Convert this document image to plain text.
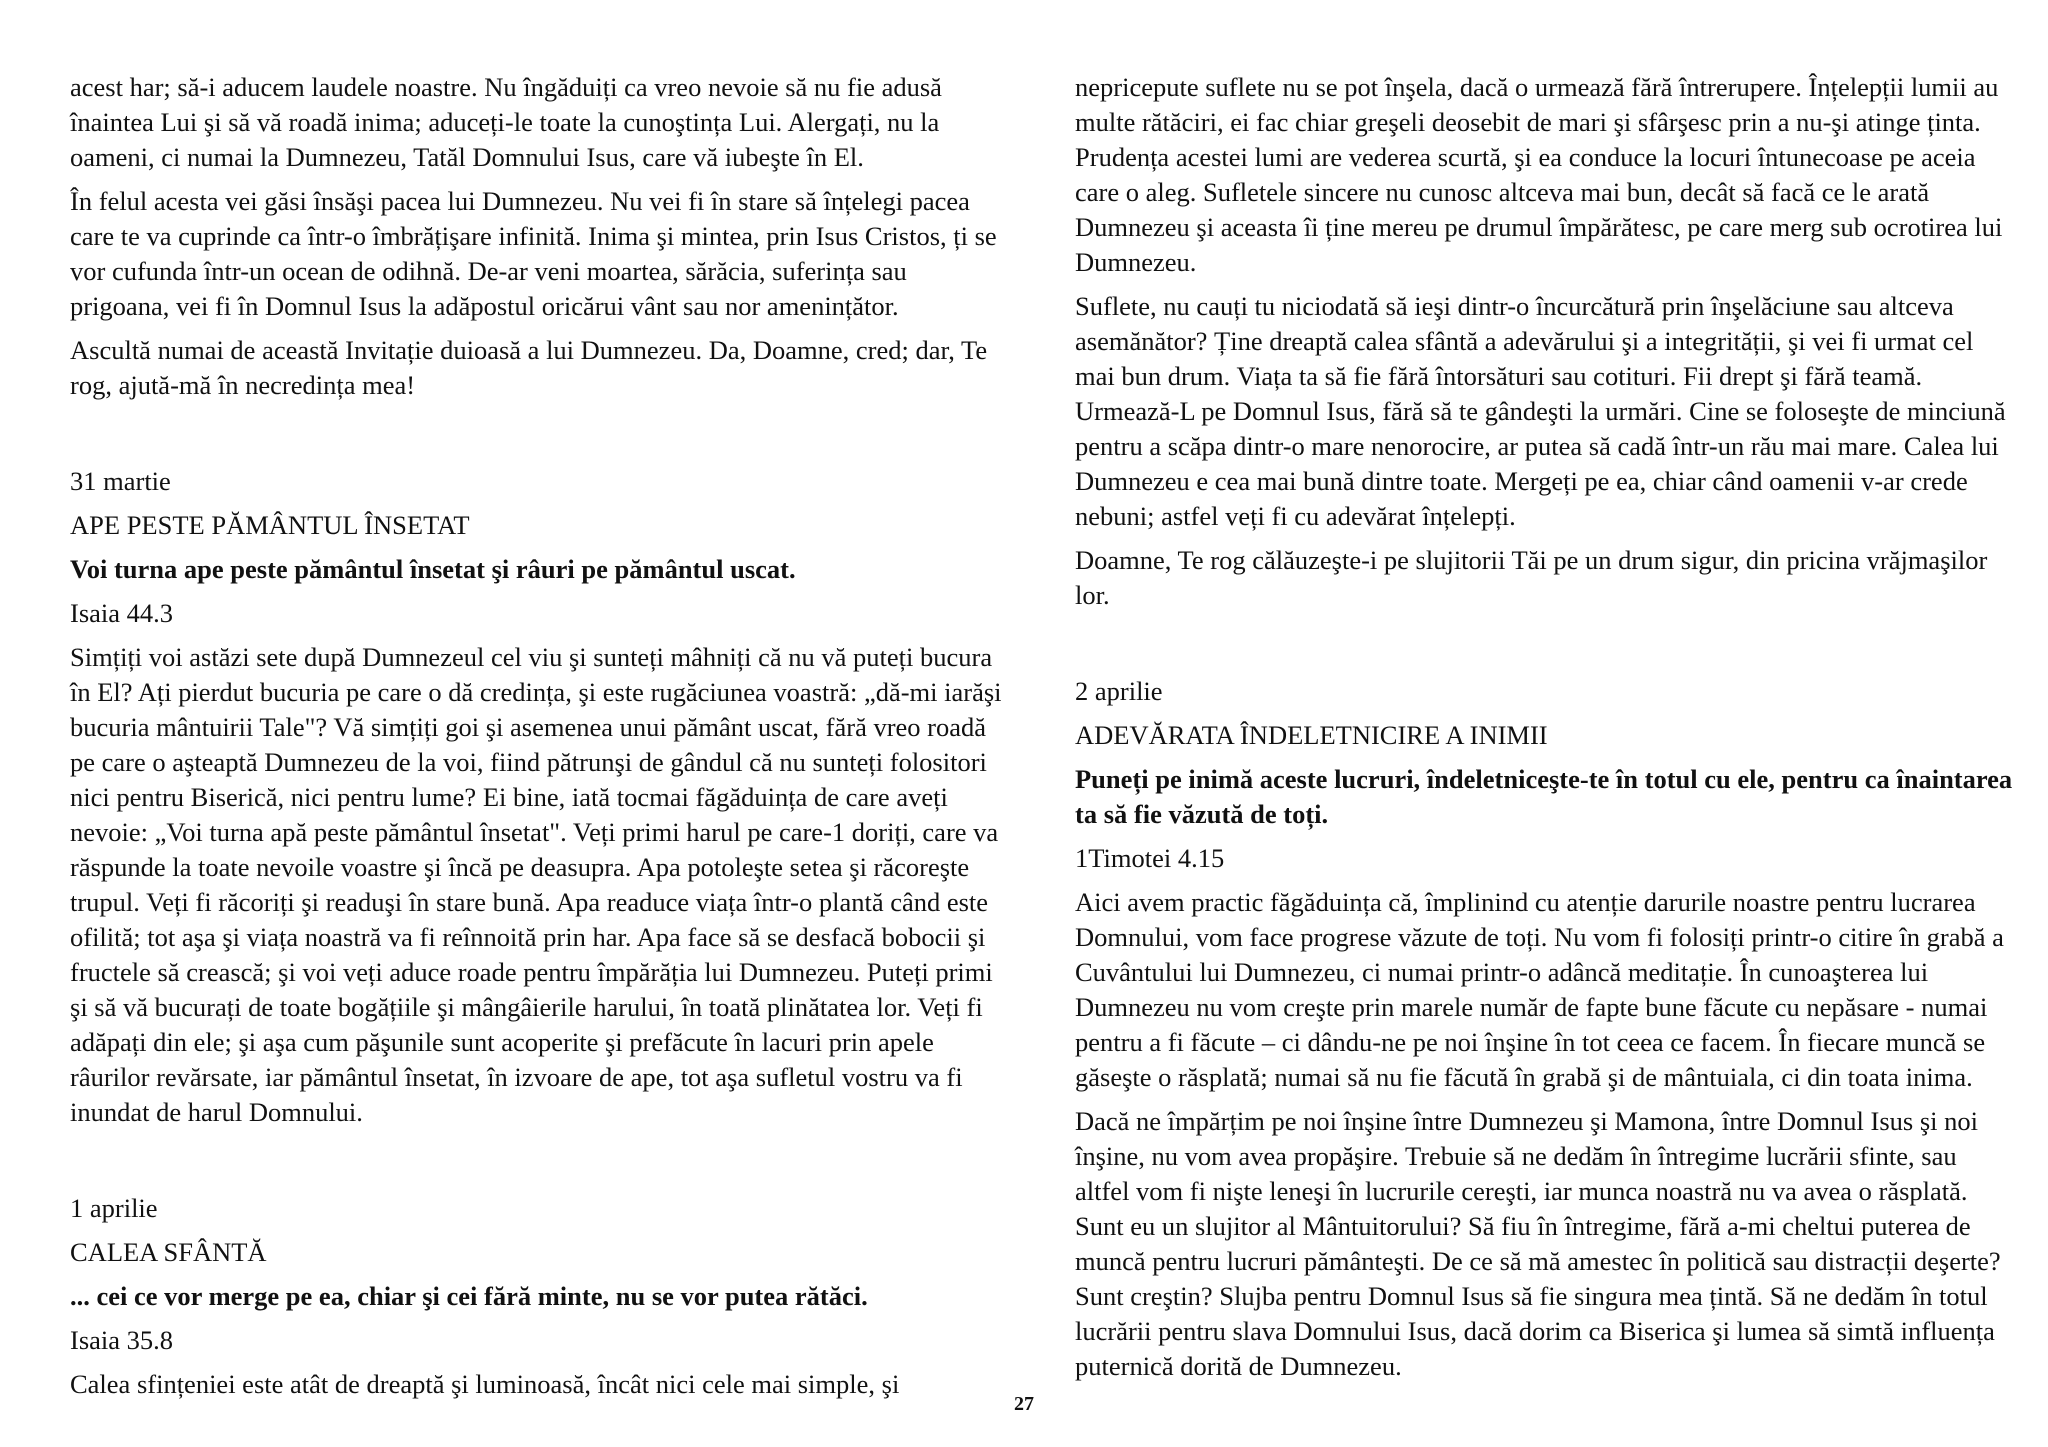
acest har; să-i aducem laudele noastre. Nu îngăduiți ca vreo nevoie să nu fie adusă înaintea Lui şi să vă roadă inima; aduceți-le toate la cunoştința Lui. Alergați, nu la oameni, ci numai la Dumnezeu, Tatăl Domnului Isus, care vă iubeşte în El.

În felul acesta vei găsi însăşi pacea lui Dumnezeu. Nu vei fi în stare să înțelegi pacea care te va cuprinde ca într-o îmbrățişare infinită. Inima şi mintea, prin Isus Cristos, ți se vor cufunda într-un ocean de odihnă. De-ar veni moartea, sărăcia, suferința sau prigoana, vei fi în Domnul Isus la adăpostul oricărui vânt sau nor amenințător.

Ascultă numai de această Invitație duioasă a lui Dumnezeu. Da, Doamne, cred; dar, Te rog, ajută-mă în necredința mea!

31 martie
APE PESTE PĂMÂNTUL ÎNSETAT
Voi turna ape peste pământul însetat şi râuri pe pământul uscat.
Isaia 44.3

Simțiți voi astăzi sete după Dumnezeul cel viu şi sunteți mâhniți că nu vă puteți bucura în El? Ați pierdut bucuria pe care o dă credința, şi este rugăciunea voastră: „dă-mi iarăşi bucuria mântuirii Tale"? Vă simțiți goi şi asemenea unui pământ uscat, fără vreo roadă pe care o aşteaptă Dumnezeu de la voi, fiind pătrunşi de gândul că nu sunteți folositori nici pentru Biserică, nici pentru lume? Ei bine, iată tocmai făgăduința de care aveți nevoie: „Voi turna apă peste pământul însetat". Veți primi harul pe care-1 doriți, care va răspunde la toate nevoile voastre şi încă pe deasupra. Apa potoleşte setea şi răcoreşte trupul. Veți fi răcoriți şi readuşi în stare bună. Apa readuce viața într-o plantă când este ofilită; tot aşa şi viața noastră va fi reînnoită prin har. Apa face să se desfacă bobocii şi fructele să crească; şi voi veți aduce roade pentru împărăția lui Dumnezeu. Puteți primi şi să vă bucurați de toate bogățiile şi mângâierile harului, în toată plinătatea lor. Veți fi adăpați din ele; şi aşa cum păşunile sunt acoperite şi prefăcute în lacuri prin apele râurilor revărsate, iar pământul însetat, în izvoare de ape, tot aşa sufletul vostru va fi inundat de harul Domnului.

1 aprilie
CALEA SFÂNTĂ
... cei ce vor merge pe ea, chiar şi cei fără minte, nu se vor putea rătăci.
Isaia 35.8

Calea sfințeniei este atât de dreaptă şi luminoasă, încât nici cele mai simple, şi

nepricepute suflete nu se pot înşela, dacă o urmează fără întrerupere. Înțelepții lumii au multe rătăciri, ei fac chiar greşeli deosebit de mari şi sfârşesc prin a nu-şi atinge ținta. Prudența acestei lumi are vederea scurtă, şi ea conduce la locuri întunecoase pe aceia care o aleg. Sufletele sincere nu cunosc altceva mai bun, decât să facă ce le arată Dumnezeu şi aceasta îi ține mereu pe drumul împărătesc, pe care merg sub ocrotirea lui Dumnezeu.

Suflete, nu cauți tu niciodată să ieşi dintr-o încurcătură prin înşelăciune sau altceva asemănător? Ține dreaptă calea sfântă a adevărului şi a integrității, şi vei fi urmat cel mai bun drum. Viața ta să fie fără întorsături sau cotituri. Fii drept şi fără teamă. Urmează-L pe Domnul Isus, fără să te gândeşti la urmări. Cine se foloseşte de minciună pentru a scăpa dintr-o mare nenorocire, ar putea să cadă într-un rău mai mare. Calea lui Dumnezeu e cea mai bună dintre toate. Mergeți pe ea, chiar când oamenii v-ar crede nebuni; astfel veți fi cu adevărat înțelepți.

Doamne, Te rog călăuzeşte-i pe slujitorii Tăi pe un drum sigur, din pricina vrăjmaşilor lor.

2 aprilie
ADEVĂRATA ÎNDELETNICIRE A INIMII
Puneți pe inimă aceste lucruri, îndeletniceşte-te în totul cu ele, pentru ca înaintarea ta să fie văzută de toți.
1Timotei 4.15

Aici avem practic făgăduința că, împlinind cu atenție darurile noastre pentru lucrarea Domnului, vom face progrese văzute de toți. Nu vom fi folosiți printr-o citire în grabă a Cuvântului lui Dumnezeu, ci numai printr-o adâncă meditație. În cunoaşterea lui Dumnezeu nu vom creşte prin marele număr de fapte bune făcute cu nepăsare - numai pentru a fi făcute – ci dându-ne pe noi înşine în tot ceea ce facem. În fiecare muncă se găseşte o răsplată; numai să nu fie făcută în grabă şi de mântuiala, ci din toata inima.

Dacă ne împărțim pe noi înşine între Dumnezeu şi Mamona, între Domnul Isus şi noi înşine, nu vom avea propăşire. Trebuie să ne dedăm în întregime lucrării sfinte, sau altfel vom fi nişte leneşi în lucrurile cereşti, iar munca noastră nu va avea o răsplată. Sunt eu un slujitor al Mântuitorului? Să fiu în întregime, fără a-mi cheltui puterea de muncă pentru lucruri pământeşti. De ce să mă amestec în politică sau distracții deşerte? Sunt creştin? Slujba pentru Domnul Isus să fie singura mea țintă. Să ne dedăm în totul lucrării pentru slava Domnului Isus, dacă dorim ca Biserica şi lumea să simtă influența puternică dorită de Dumnezeu.

27
